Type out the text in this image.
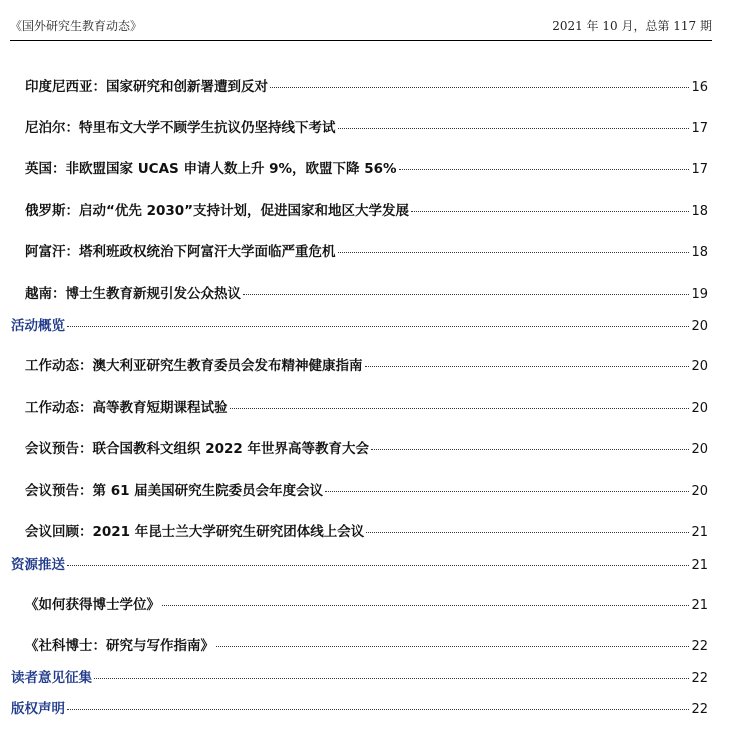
《国外研究生教育动态》	2021 年 10 月，总第 117 期
印度尼西亚：国家研究和创新署遭到反对	16
尼泊尔：特里布文大学不顾学生抗议仍坚持线下考试	17
英国：非欧盟国家 UCAS 申请人数上升 9%，欧盟下降 56%	17
俄罗斯：启动“优先 2030”支持计划，促进国家和地区大学发展	18
阿富汗：塔利班政权统治下阿富汗大学面临严重危机	18
越南：博士生教育新规引发公众热议	19
活动概览	20
工作动态：澳大利亚研究生教育委员会发布精神健康指南	20
工作动态：高等教育短期课程试验	20
会议预告：联合国教科文组织 2022 年世界高等教育大会	20
会议预告：第 61 届美国研究生院委员会年度会议	20
会议回顾：2021 年昆士兰大学研究生研究团体线上会议	21
资源推送	21
《如何获得博士学位》	21
《社科博士：研究与写作指南》	22
读者意见征集	22
版权声明	22
